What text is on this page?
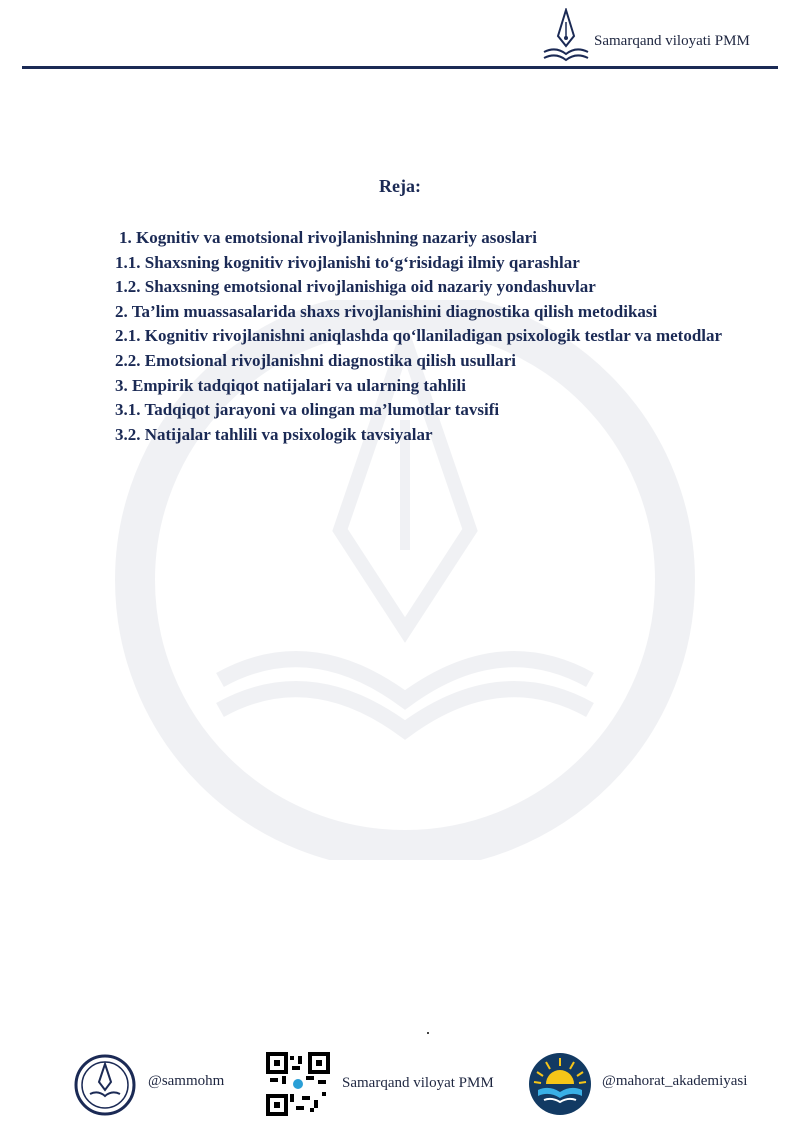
Samarqand viloyati PMM
Reja:
1. Kognitiv va emotsional rivojlanishning nazariy asoslari
1.1. Shaxsning kognitiv rivojlanishi to‘g‘risidagi ilmiy qarashlar
1.2. Shaxsning emotsional rivojlanishiga oid nazariy yondashuvlar
2. Ta’lim muassasalarida shaxs rivojlanishini diagnostika qilish metodikasi
2.1. Kognitiv rivojlanishni aniqlashda qo‘llaniladigan psixologik testlar va metodlar
2.2. Emotsional rivojlanishni diagnostika qilish usullari
3. Empirik tadqiqot natijalari va ularning tahlili
3.1. Tadqiqot jarayoni va olingan ma’lumotlar tavsifi
3.2. Natijalar tahlili va psixologik tavsiyalar
@sammohm	Samarqand viloyat PMM	@mahorat_akademiyasi
